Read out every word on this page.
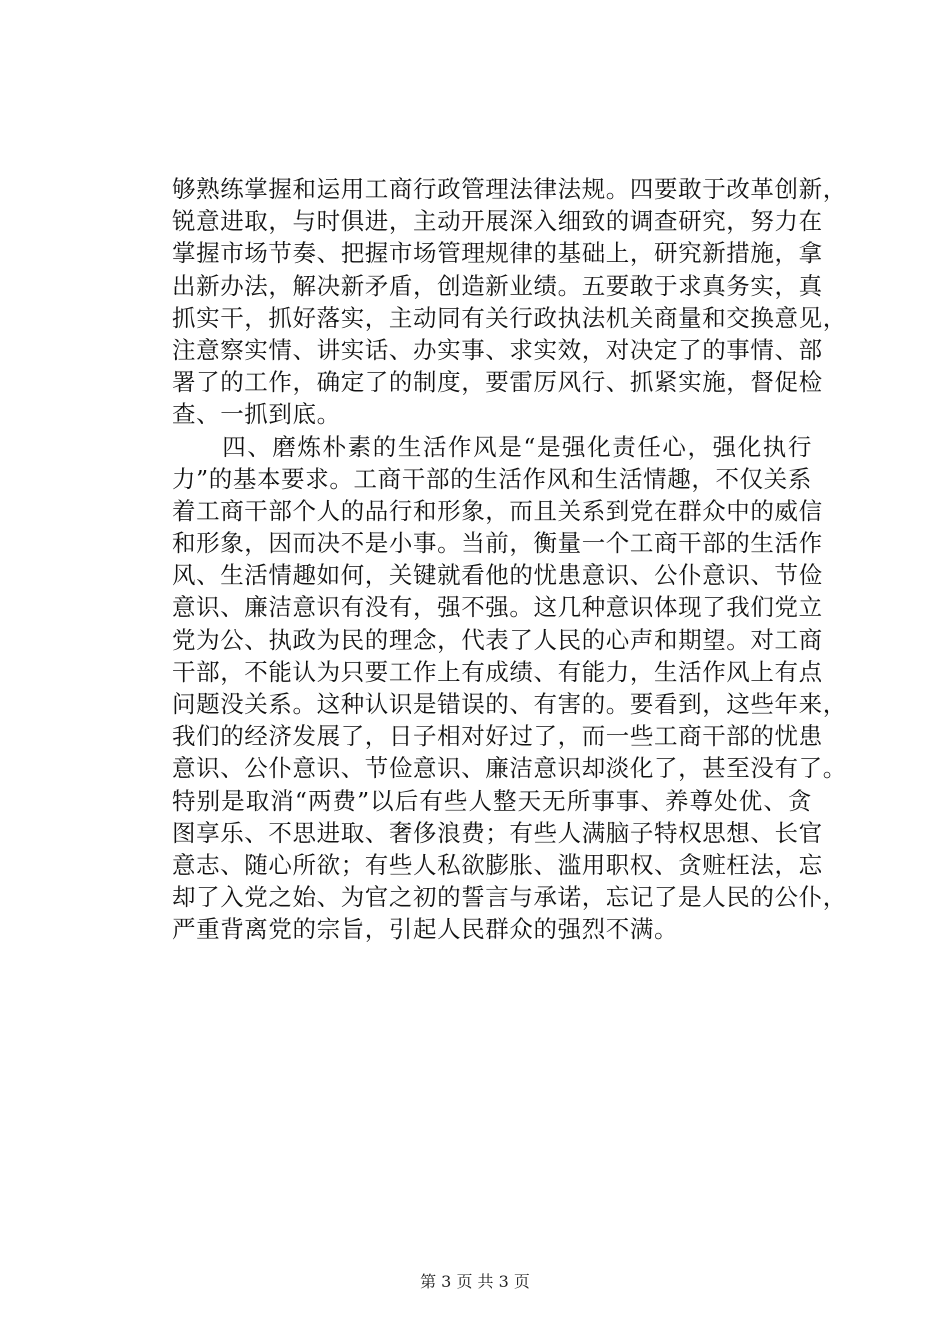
够熟练掌握和运用工商行政管理法律法规。四要敢于改革创新，
锐意进取，与时俱进，主动开展深入细致的调查研究，努力在
掌握市场节奏、把握市场管理规律的基础上，研究新措施，拿
出新办法，解决新矛盾，创造新业绩。五要敢于求真务实，真
抓实干，抓好落实，主动同有关行政执法机关商量和交换意见，
注意察实情、讲实话、办实事、求实效，对决定了的事情、部
署了的工作，确定了的制度，要雷厉风行、抓紧实施，督促检
查、一抓到底。
　　四、磨炼朴素的生活作风是“是强化责任心，强化执行
力”的基本要求。工商干部的生活作风和生活情趣，不仅关系
着工商干部个人的品行和形象，而且关系到党在群众中的威信
和形象，因而决不是小事。当前，衡量一个工商干部的生活作
风、生活情趣如何，关键就看他的忧患意识、公仆意识、节俭
意识、廉洁意识有没有，强不强。这几种意识体现了我们党立
党为公、执政为民的理念，代表了人民的心声和期望。对工商
干部，不能认为只要工作上有成绩、有能力，生活作风上有点
问题没关系。这种认识是错误的、有害的。要看到，这些年来，
我们的经济发展了，日子相对好过了，而一些工商干部的忧患
意识、公仆意识、节俭意识、廉洁意识却淡化了，甚至没有了。
特别是取消“两费”以后有些人整天无所事事、养尊处优、贪
图享乐、不思进取、奢侈浪费；有些人满脑子特权思想、长官
意志、随心所欲；有些人私欲膨胀、滥用职权、贪赃枉法，忘
却了入党之始、为官之初的誓言与承诺，忘记了是人民的公仆，
严重背离党的宗旨，引起人民群众的强烈不满。
第 3 页 共 3 页
